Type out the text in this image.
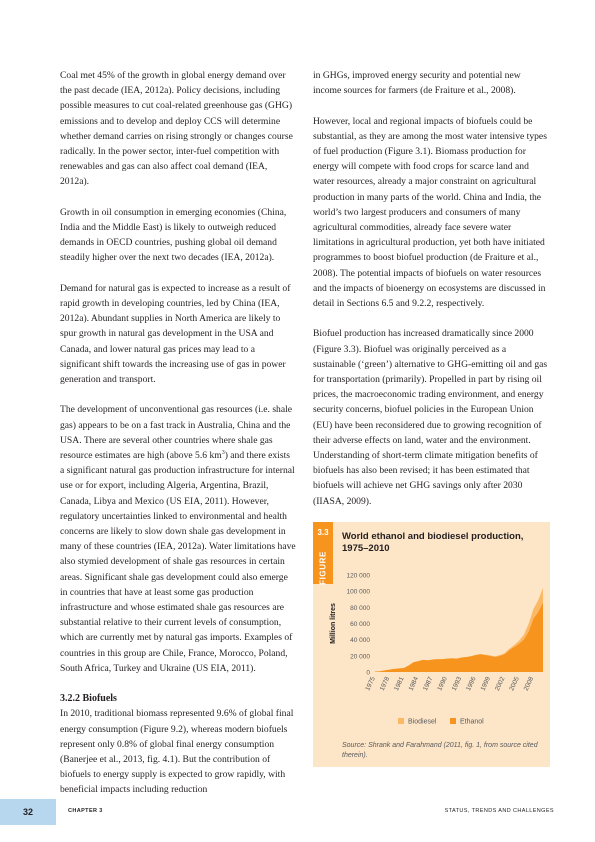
Coal met 45% of the growth in global energy demand over the past decade (IEA, 2012a). Policy decisions, including possible measures to cut coal-related greenhouse gas (GHG) emissions and to develop and deploy CCS will determine whether demand carries on rising strongly or changes course radically. In the power sector, inter-fuel competition with renewables and gas can also affect coal demand (IEA, 2012a).

Growth in oil consumption in emerging economies (China, India and the Middle East) is likely to outweigh reduced demands in OECD countries, pushing global oil demand steadily higher over the next two decades (IEA, 2012a).

Demand for natural gas is expected to increase as a result of rapid growth in developing countries, led by China (IEA, 2012a). Abundant supplies in North America are likely to spur growth in natural gas development in the USA and Canada, and lower natural gas prices may lead to a significant shift towards the increasing use of gas in power generation and transport.

The development of unconventional gas resources (i.e. shale gas) appears to be on a fast track in Australia, China and the USA. There are several other countries where shale gas resource estimates are high (above 5.6 $km^3$) and there exists a significant natural gas production infrastructure for internal use or for export, including Algeria, Argentina, Brazil, Canada, Libya and Mexico (US EIA, 2011). However, regulatory uncertainties linked to environmental and health concerns are likely to slow down shale gas development in many of these countries (IEA, 2012a). Water limitations have also stymied development of shale gas resources in certain areas. Significant shale gas development could also emerge in countries that have at least some gas production infrastructure and whose estimated shale gas resources are substantial relative to their current levels of consumption, which are currently met by natural gas imports. Examples of countries in this group are Chile, France, Morocco, Poland, South Africa, Turkey and Ukraine (US EIA, 2011).

3.2.2 Biofuels

In 2010, traditional biomass represented 9.6% of global final energy consumption (Figure 9.2), whereas modern biofuels represent only 0.8% of global final energy consumption (Banerjee et al., 2013, fig. 4.1). But the contribution of biofuels to energy supply is expected to grow rapidly, with beneficial impacts including reduction

in GHGs, improved energy security and potential new income sources for farmers (de Fraiture et al., 2008).

However, local and regional impacts of biofuels could be substantial, as they are among the most water intensive types of fuel production (Figure 3.1). Biomass production for energy will compete with food crops for scarce land and water resources, already a major constraint on agricultural production in many parts of the world. China and India, the world’s two largest producers and consumers of many agricultural commodities, already face severe water limitations in agricultural production, yet both have initiated programmes to boost biofuel production (de Fraiture et al., 2008). The potential impacts of biofuels on water resources and the impacts of bioenergy on ecosystems are discussed in detail in Sections 6.5 and 9.2.2, respectively.

Biofuel production has increased dramatically since 2000 (Figure 3.3). Biofuel was originally perceived as a sustainable (‘green’) alternative to GHG-emitting oil and gas for transportation (primarily). Propelled in part by rising oil prices, the macroeconomic trading environment, and energy security concerns, biofuel policies in the European Union (EU) have been reconsidered due to growing recognition of their adverse effects on land, water and the environment. Understanding of short-term climate mitigation benefits of biofuels has also been revised; it has been estimated that biofuels will achieve net GHG savings only after 2030 (IIASA, 2009).

3.3
FIGURE
World ethanol and biodiesel production, 1975–2010
0
20 000
40 000
60 000
80 000
100 000
120 000
Million litres
1975 1978 1981 1984 1987 1990 1993 1996 1999 2002 2005 2008
Biodiesel	Ethanol
Source: Shrank and Farahmand (2011, fig. 1, from source cited therein).
32	CHAPTER 3	STATUS, TRENDS AND CHALLENGES
